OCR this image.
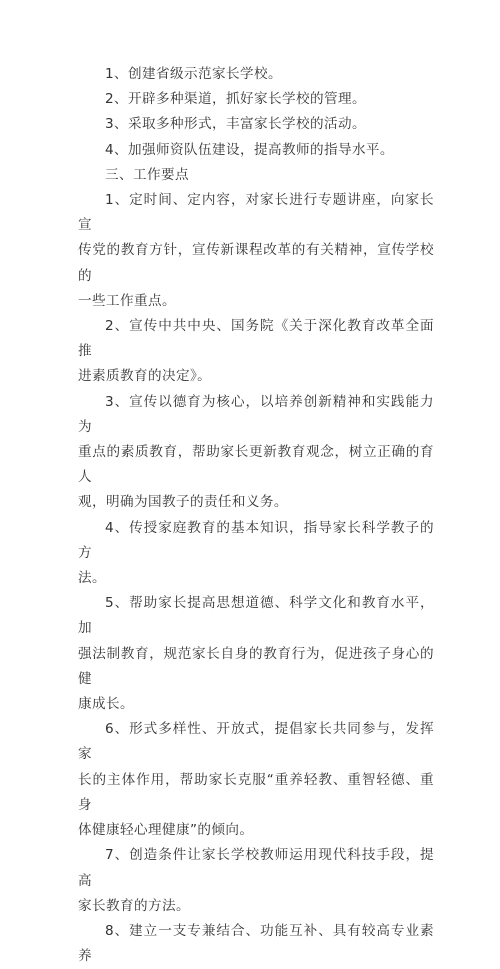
1、创建省级示范家长学校。

2、开辟多种渠道，抓好家长学校的管理。

3、采取多种形式，丰富家长学校的活动。

4、加强师资队伍建设，提高教师的指导水平。

三、工作要点

1、定时间、定内容，对家长进行专题讲座，向家长宣
传党的教育方针，宣传新课程改革的有关精神，宣传学校的
一些工作重点。

2、宣传中共中央、国务院《关于深化教育改革全面推
进素质教育的决定》。

3、宣传以德育为核心，以培养创新精神和实践能力为
重点的素质教育，帮助家长更新教育观念，树立正确的育人
观，明确为国教子的责任和义务。

4、传授家庭教育的基本知识，指导家长科学教子的方
法。

5、帮助家长提高思想道德、科学文化和教育水平，加
强法制教育，规范家长自身的教育行为，促进孩子身心的健
康成长。

6、形式多样性、开放式，提倡家长共同参与，发挥家
长的主体作用，帮助家长克服“重养轻教、重智轻德、重身
体健康轻心理健康”的倾向。

7、创造条件让家长学校教师运用现代科技手段，提高
家长教育的方法。

8、建立一支专兼结合、功能互补、具有较高专业素养
